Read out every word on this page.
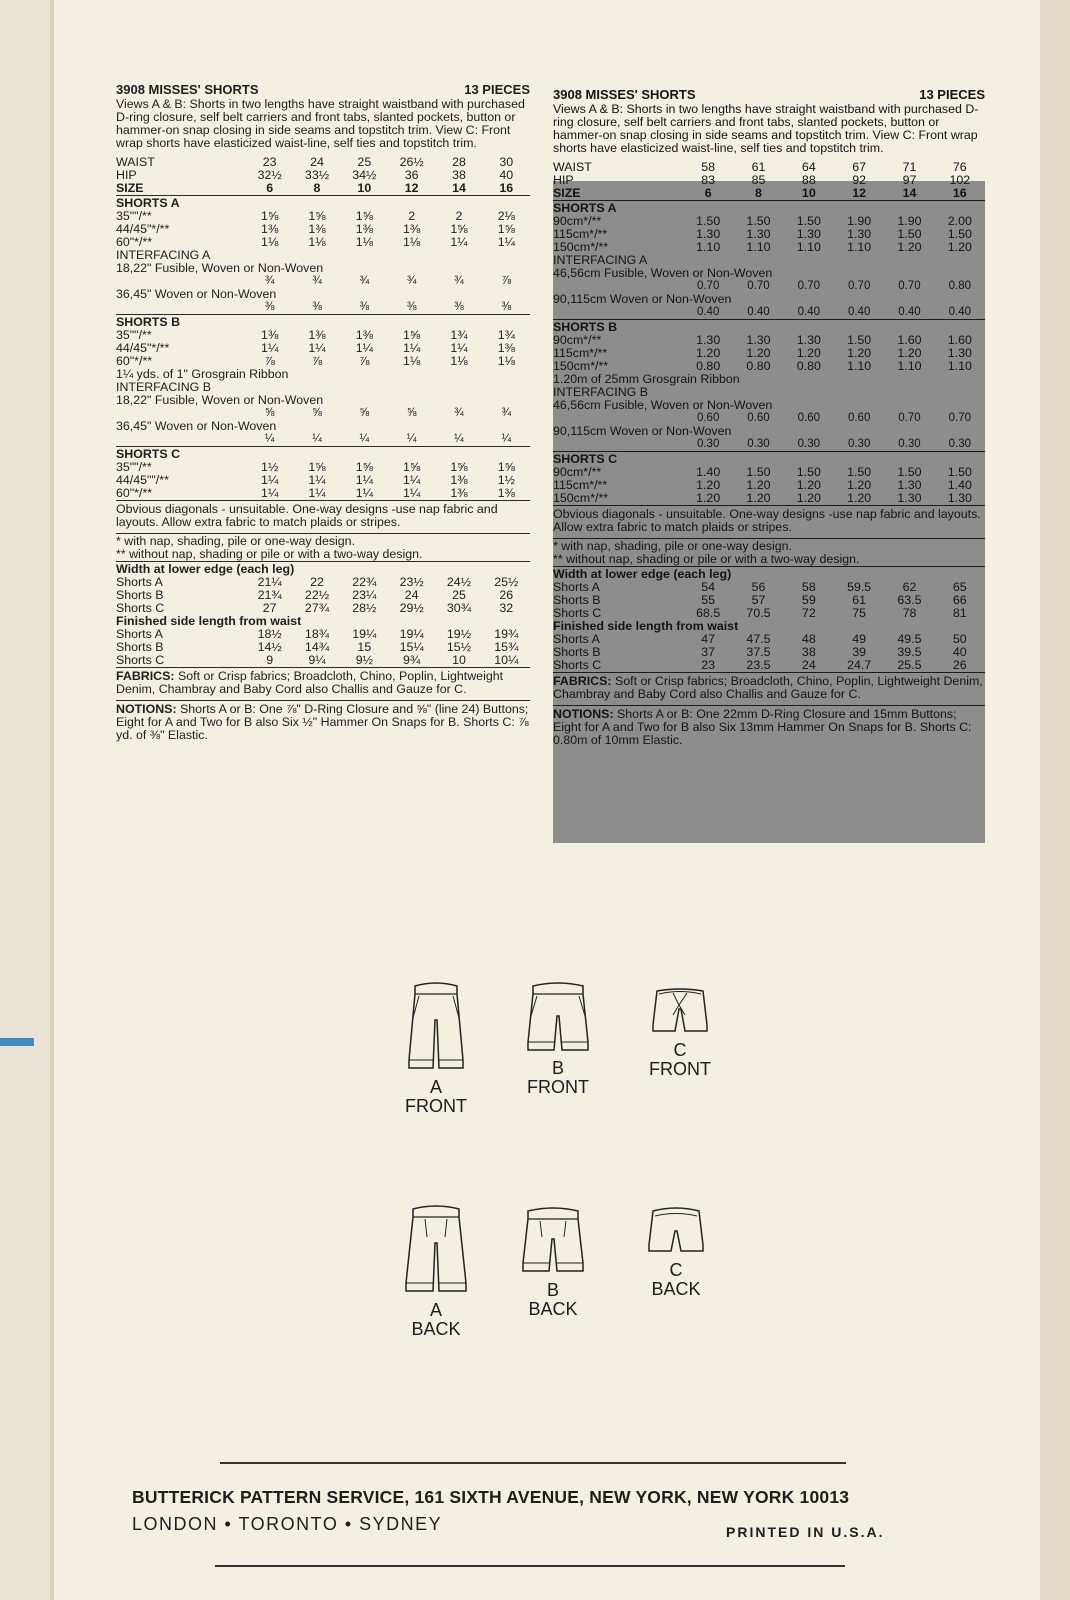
3908 MISSES' SHORTS	13 PIECES
Views A & B: Shorts in two lengths have straight waistband with purchased D-ring closure, self belt carriers and front tabs, slanted pockets, button or hammer-on snap closing in side seams and topstitch trim. View C: Front wrap shorts have elasticized waist-line, self ties and topstitch trim.
WAIST	23	24	25	26½	28	30
HIP	32½	33½	34½	36	38	40
SIZE	6	8	10	12	14	16
SHORTS A
35""/**	1⅝	1⅝	1⅝	2	2	2⅛
44/45"*/**	1⅜	1⅜	1⅜	1⅜	1⅝	1⅝
60"*/**	1⅛	1⅛	1⅛	1⅛	1¼	1¼
INTERFACING A
18,22" Fusible, Woven or Non-Woven
¾	¾	¾	¾	¾	⅞
36,45" Woven or Non-Woven
⅜	⅜	⅜	⅜	⅜	⅜
SHORTS B
35""/**	1⅜	1⅜	1⅜	1⅝	1¾	1¾
44/45"*/**	1¼	1¼	1¼	1¼	1¼	1⅜
60"*/**	⅞	⅞	⅞	1⅛	1⅛	1⅛
1¼ yds. of 1" Grosgrain Ribbon
INTERFACING B
18,22" Fusible, Woven or Non-Woven
⅝	⅝	⅝	⅝	¾	¾
36,45" Woven or Non-Woven
¼	¼	¼	¼	¼	¼
SHORTS C
35""/**	1½	1⅝	1⅝	1⅝	1⅝	1⅝
44/45""/**	1¼	1¼	1¼	1¼	1⅜	1½
60"*/**	1¼	1¼	1¼	1¼	1⅜	1⅜
Obvious diagonals - unsuitable. One-way designs -use nap fabric and layouts. Allow extra fabric to match plaids or stripes.
* with nap, shading, pile or one-way design.
** without nap, shading or pile or with a two-way design.
Width at lower edge (each leg)
Shorts A	21¼	22	22¾	23½	24½	25½
Shorts B	21¾	22½	23¼	24	25	26
Shorts C	27	27¾	28½	29½	30¾	32
Finished side length from waist
Shorts A	18½	18¾	19¼	19¼	19½	19¾
Shorts B	14½	14¾	15	15¼	15½	15¾
Shorts C	9	9¼	9½	9¾	10	10¼
FABRICS: Soft or Crisp fabrics; Broadcloth, Chino, Poplin, Lightweight Denim, Chambray and Baby Cord also Challis and Gauze for C.
NOTIONS: Shorts A or B: One ⅞" D-Ring Closure and ⅝" (line 24) Buttons; Eight for A and Two for B also Six ½" Hammer On Snaps for B. Shorts C: ⅞ yd. of ⅜" Elastic.
3908 MISSES' SHORTS	13 PIECES
Views A & B: Shorts in two lengths have straight waistband with purchased D-ring closure, self belt carriers and front tabs, slanted pockets, button or hammer-on snap closing in side seams and topstitch trim. View C: Front wrap shorts have elasticized waist-line, self ties and topstitch trim.
WAIST	58	61	64	67	71	76
HIP	83	85	88	92	97	102
SIZE	6	8	10	12	14	16
SHORTS A
90cm*/**	1.50	1.50	1.50	1.90	1.90	2.00
115cm*/**	1.30	1.30	1.30	1.30	1.50	1.50
150cm*/**	1.10	1.10	1.10	1.10	1.20	1.20
INTERFACING A
46,56cm Fusible, Woven or Non-Woven
0.70	0.70	0.70	0.70	0.70	0.80
90,115cm Woven or Non-Woven
0.40	0.40	0.40	0.40	0.40	0.40
SHORTS B
90cm*/**	1.30	1.30	1.30	1.50	1.60	1.60
115cm*/**	1.20	1.20	1.20	1.20	1.20	1.30
150cm*/**	0.80	0.80	0.80	1.10	1.10	1.10
1.20m of 25mm Grosgrain Ribbon
INTERFACING B
46,56cm Fusible, Woven or Non-Woven
0.60	0.60	0.60	0.60	0.70	0.70
90,115cm Woven or Non-Woven
0.30	0.30	0.30	0.30	0.30	0.30
SHORTS C
90cm*/**	1.40	1.50	1.50	1.50	1.50	1.50
115cm*/**	1.20	1.20	1.20	1.20	1.30	1.40
150cm*/**	1.20	1.20	1.20	1.20	1.30	1.30
Obvious diagonals - unsuitable. One-way designs -use nap fabric and layouts. Allow extra fabric to match plaids or stripes.
* with nap, shading, pile or one-way design.
** without nap, shading or pile or with a two-way design.
Width at lower edge (each leg)
Shorts A	54	56	58	59.5	62	65
Shorts B	55	57	59	61	63.5	66
Shorts C	68.5	70.5	72	75	78	81
Finished side length from waist
Shorts A	47	47.5	48	49	49.5	50
Shorts B	37	37.5	38	39	39.5	40
Shorts C	23	23.5	24	24.7	25.5	26
FABRICS: Soft or Crisp fabrics; Broadcloth, Chino, Poplin, Lightweight Denim, Chambray and Baby Cord also Challis and Gauze for C.
NOTIONS: Shorts A or B: One 22mm D-Ring Closure and 15mm Buttons; Eight for A and Two for B also Six 13mm Hammer On Snaps for B. Shorts C: 0.80m of 10mm Elastic.
A
FRONT
B
FRONT
C
FRONT
A
BACK
B
BACK
C
BACK
BUTTERICK PATTERN SERVICE, 161 SIXTH AVENUE, NEW YORK, NEW YORK 10013
LONDON • TORONTO • SYDNEY	PRINTED IN U.S.A.
